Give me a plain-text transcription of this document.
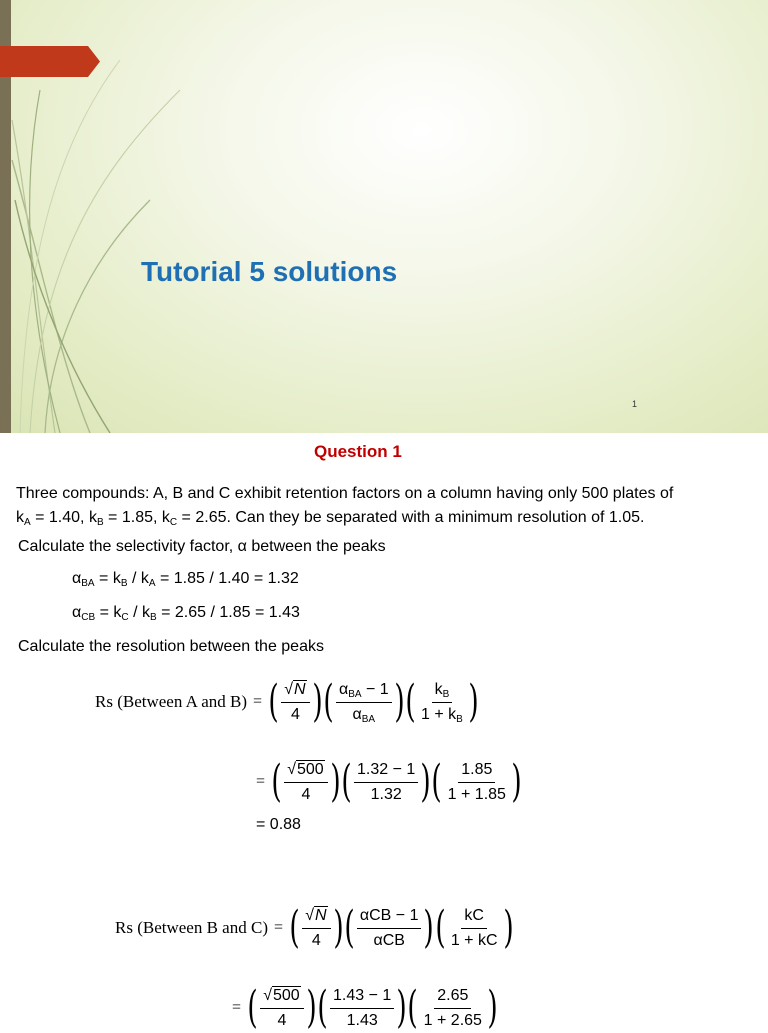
Tutorial 5 solutions
1
Question 1
Three compounds: A, B and C exhibit retention factors on a column having only 500 plates of
$k_A = 1.40$, $k_B = 1.85$, $k_C = 2.65$. Can they be separated with a minimum resolution of 1.05.
Calculate the selectivity factor, α between the peaks
$\alpha_{BA} = k_B / k_A = 1.85 / 1.40 = 1.32$
$\alpha_{CB} = k_C / k_B = 2.65 / 1.85 = 1.43$
Calculate the resolution between the peaks
Rs (Between A and B) = ( $\frac{√ N}{4}$ ) ( $\frac{\alpha_{BA} - 1}{\alpha_{BA}}$ ) ( $\frac{k_B}{1 + k_B}$ )
= ( $\frac{√ 500}{4}$ ) ( $\frac{1.32 - 1}{1.32}$ ) ( $\frac{1.85}{1 + 1.85}$ )
= 0.88
Rs (Between B and C) = ( $\frac{√ N}{4}$ ) ( $\frac{\text{αCB − 1}}{\text{αCB}}$ ) ( $\frac{kC}{1 + kC}$ )
= ( $\frac{√ 500}{4}$ ) ( $\frac{1.43 - 1}{1.43}$ ) ( $\frac{2.65}{1 + 2.65}$ )
